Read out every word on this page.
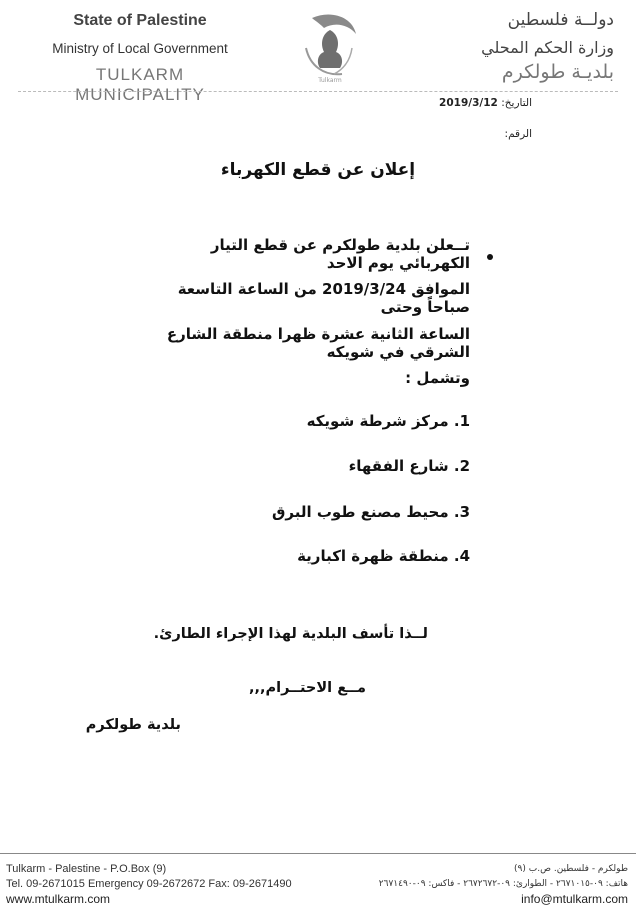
State of Palestine
Ministry of Local Government
TULKARM MUNICIPALITY
Tulkarm
دولــة فلسطين
وزارة الحكم المحلي
بلديـة طولكرم
التاريخ: 2019/3/12
الرقم:
إعلان عن قطع الكهرباء
تــعلن بلدية طولكرم عن قطع التيار الكهربائي يوم الاحد
الموافق 2019/3/24 من الساعة التاسعة صباحاً وحتى
الساعة الثانية عشرة ظهرا منطقة الشارع الشرقي في شويكه
وتشمل :
1. مركز شرطة شويكه
2. شارع الفقهاء
3. محيط مصنع طوب البرق
4. منطقة ظهرة اكبارية
لــذا تأسف البلدية لهذا الإجراء الطارئ.
مــع الاحتــرام,,,
بلدية طولكرم
Tulkarm - Palestine - P.O.Box (9)
Tel. 09-2671015 Emergency 09-2672672 Fax: 09-2671490
www.mtulkarm.com
طولكرم - فلسطين. ص.ب (٩)
هاتف: ٠٩-٢٦٧١٠١٥ - الطوارئ: ٠٩-٢٦٧٢٦٧٢ - فاكس: ٠٩-٢٦٧١٤٩٠
info@mtulkarm.com
